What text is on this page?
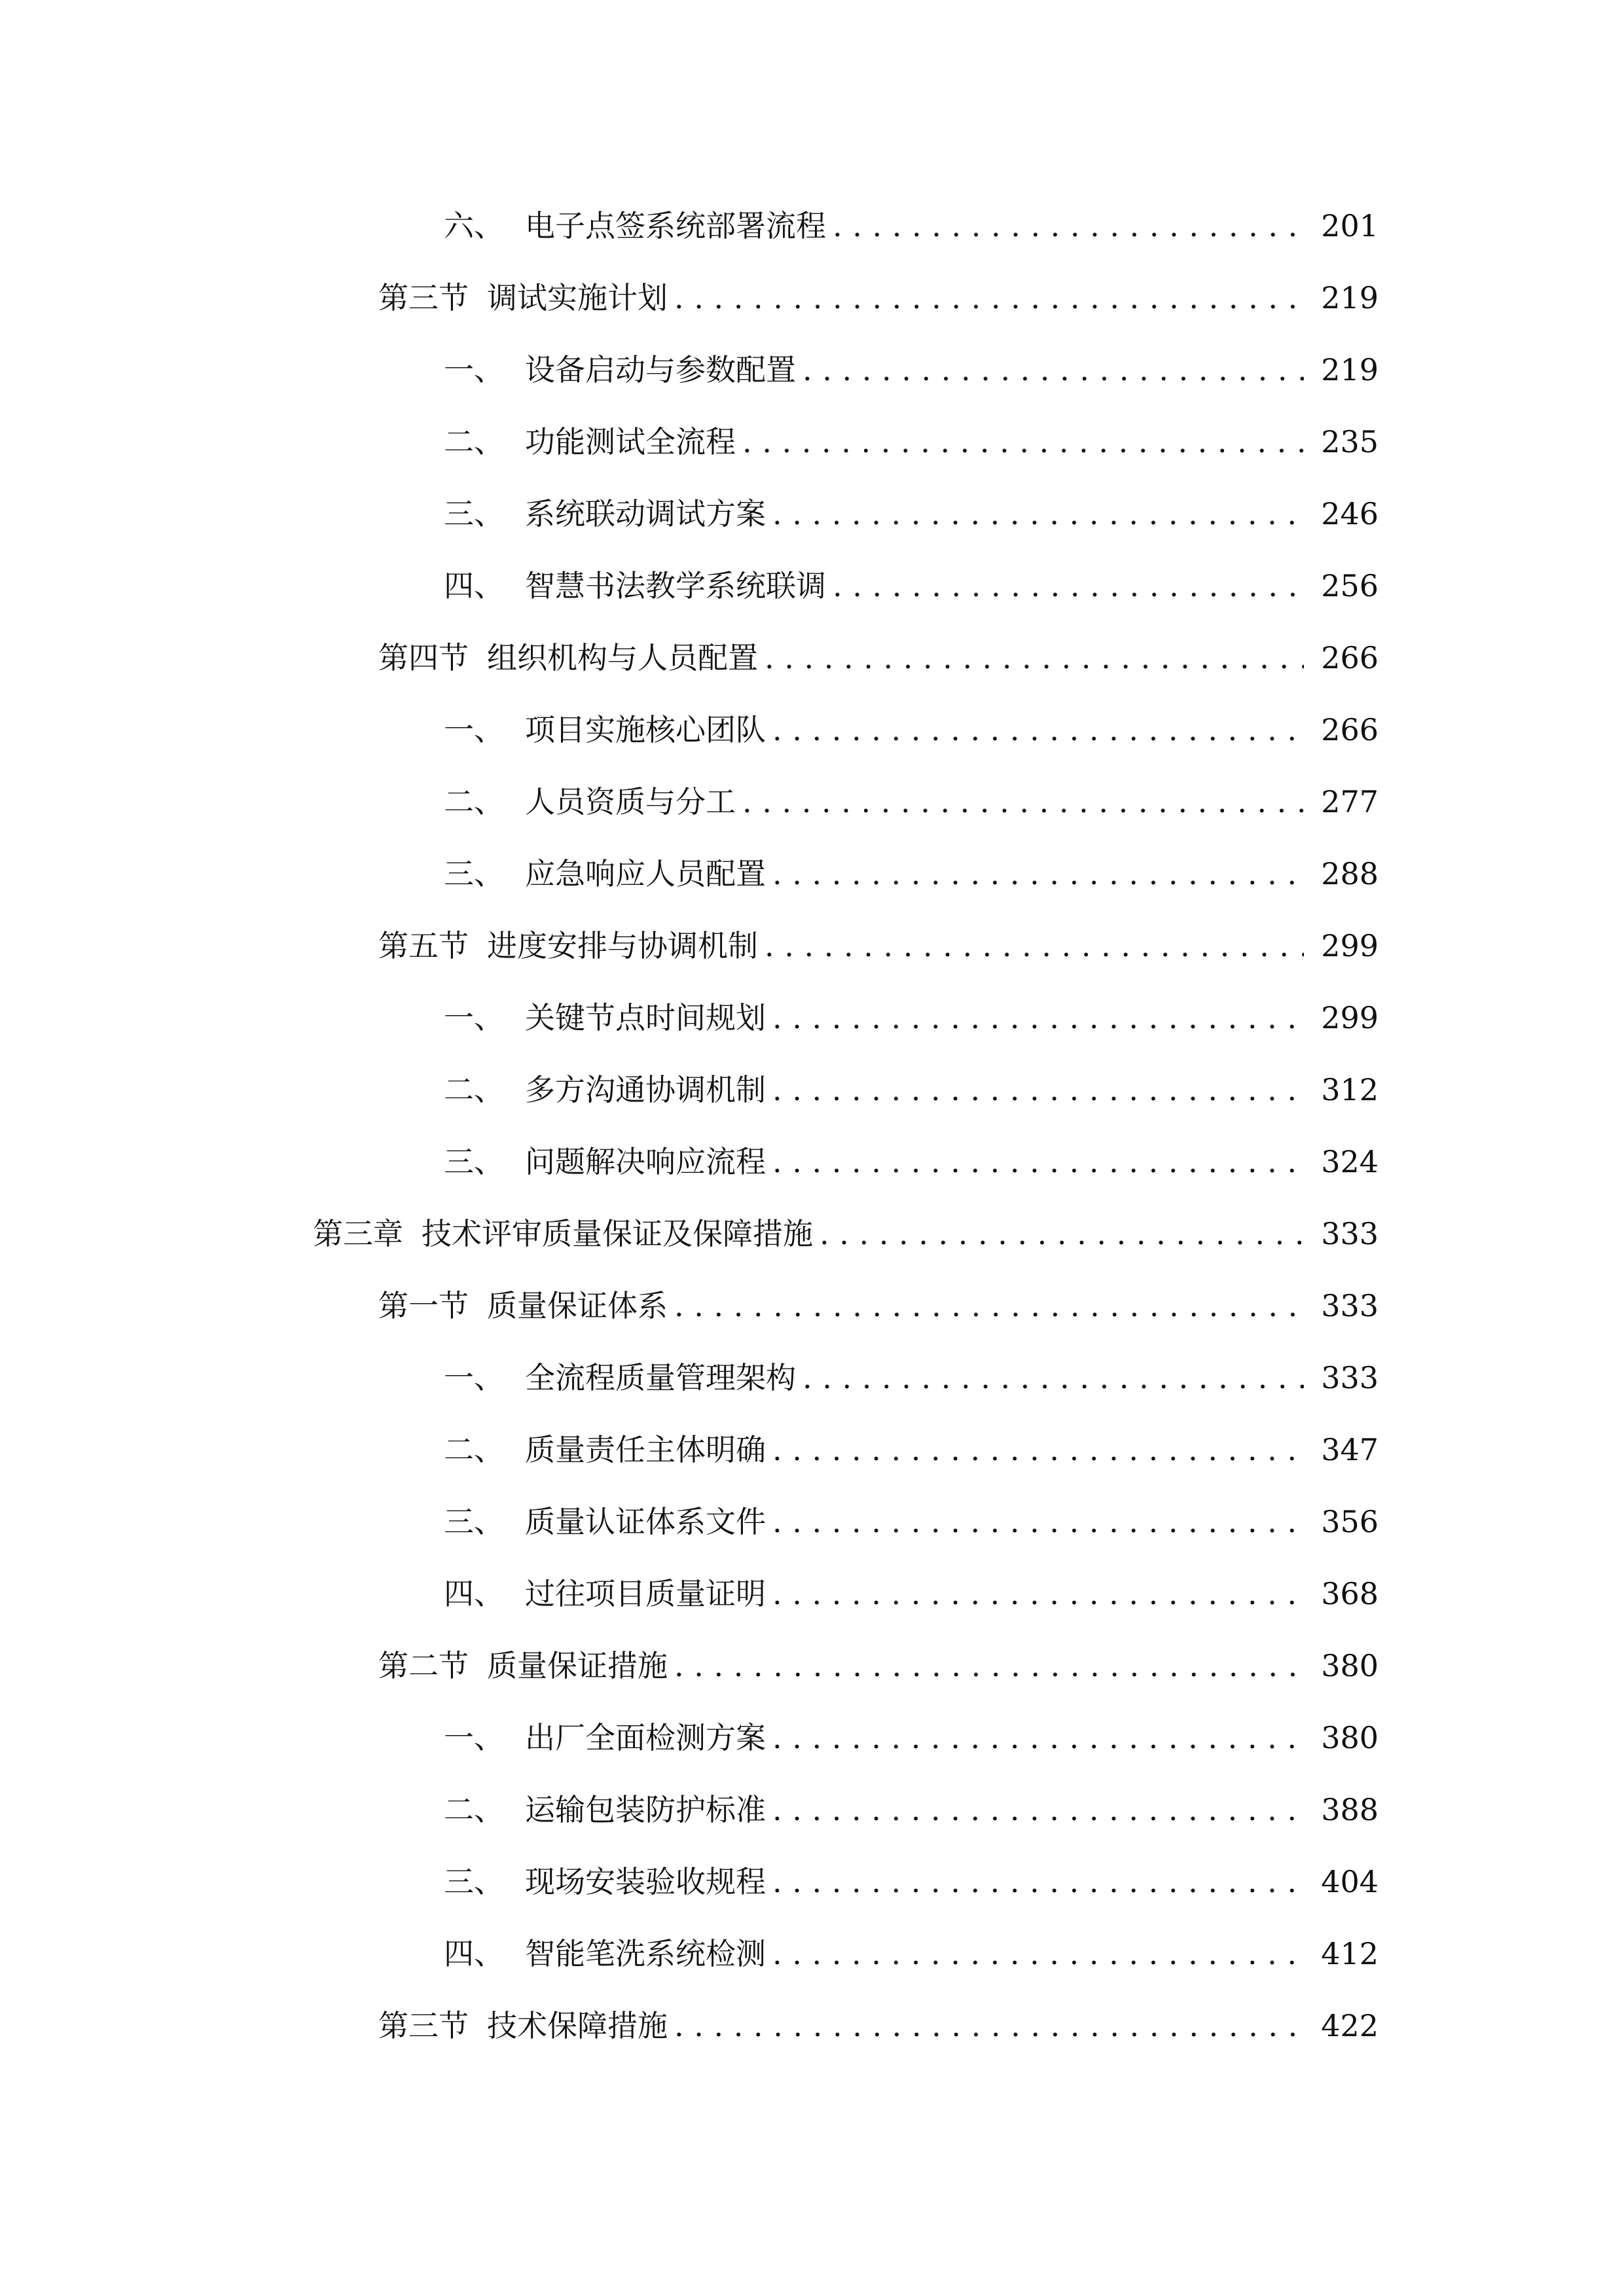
六、 电子点签系统部署流程 . . .	201
第三节 调试实施计划 . . .	219
一、 设备启动与参数配置 . . .	219
二、 功能测试全流程 . . .	235
三、 系统联动调试方案 . . .	246
四、 智慧书法教学系统联调 . . .	256
第四节 组织机构与人员配置 . . .	266
一、 项目实施核心团队 . . .	266
二、 人员资质与分工 . . .	277
三、 应急响应人员配置 . . .	288
第五节 进度安排与协调机制 . . .	299
一、 关键节点时间规划 . . .	299
二、 多方沟通协调机制 . . .	312
三、 问题解决响应流程 . . .	324
第三章 技术评审质量保证及保障措施 . . .	333
第一节 质量保证体系 . . .	333
一、 全流程质量管理架构 . . .	333
二、 质量责任主体明确 . . .	347
三、 质量认证体系文件 . . .	356
四、 过往项目质量证明 . . .	368
第二节 质量保证措施 . . .	380
一、 出厂全面检测方案 . . .	380
二、 运输包装防护标准 . . .	388
三、 现场安装验收规程 . . .	404
四、 智能笔洗系统检测 . . .	412
第三节 技术保障措施 . . .	422
